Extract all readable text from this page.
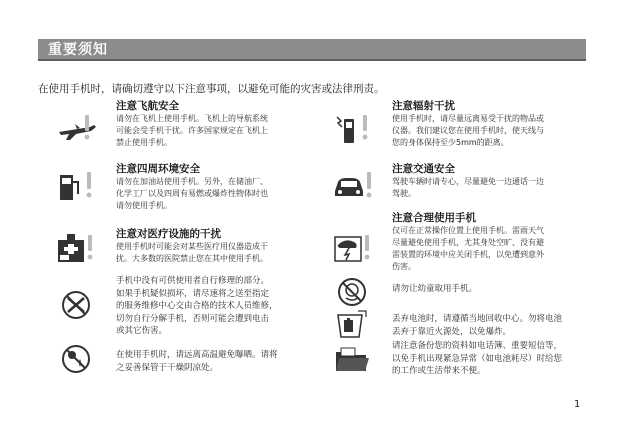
重要须知
在使用手机时，请确切遵守以下注意事项，以避免可能的灾害或法律刑责。
注意飞航安全
请勿在飞机上使用手机。飞机上的导航系统
可能会受手机干扰。许多国家规定在飞机上
禁止使用手机。
注意四周环境安全
请勿在加油站使用手机。另外，在储油厂、
化学工厂以及四周有易燃或爆炸性物体时也
请勿使用手机。
注意对医疗设施的干扰
使用手机时可能会对某些医疗用仪器造成干
扰。大多数的医院禁止您在其中使用手机。
手机中没有可供使用者自行修理的部分。
如果手机疑似损坏，请尽速将之送至指定
的服务维修中心交由合格的技术人员维修，
切勿自行分解手机，否则可能会遭到电击
或其它伤害。
在使用手机时，请远离高温避免曝晒。请将
之妥善保管于干燥阴凉处。
注意辐射干扰
使用手机时，请尽量远离易受干扰的物品或
仪器。我们建议您在使用手机时，使天线与
您的身体保持至少5mm的距离。
注意交通安全
驾驶车辆时请专心，尽量避免一边通话一边
驾驶。
注意合理使用手机
仅可在正常操作位置上使用手机。雷雨天气
尽量避免使用手机，尤其身处空旷、没有避
雷装置的环境中应关闭手机，以免遭到意外
伤害。
请勿让幼童取用手机。
丢弃电池时，请遵循当地回收中心。勿将电池
丢弃于靠近火源处，以免爆炸。
请注意备份您的资料如电话簿、重要短信等，
以免手机出现紧急异常（如电池耗尽）时给您
的工作或生活带来不便。
1
